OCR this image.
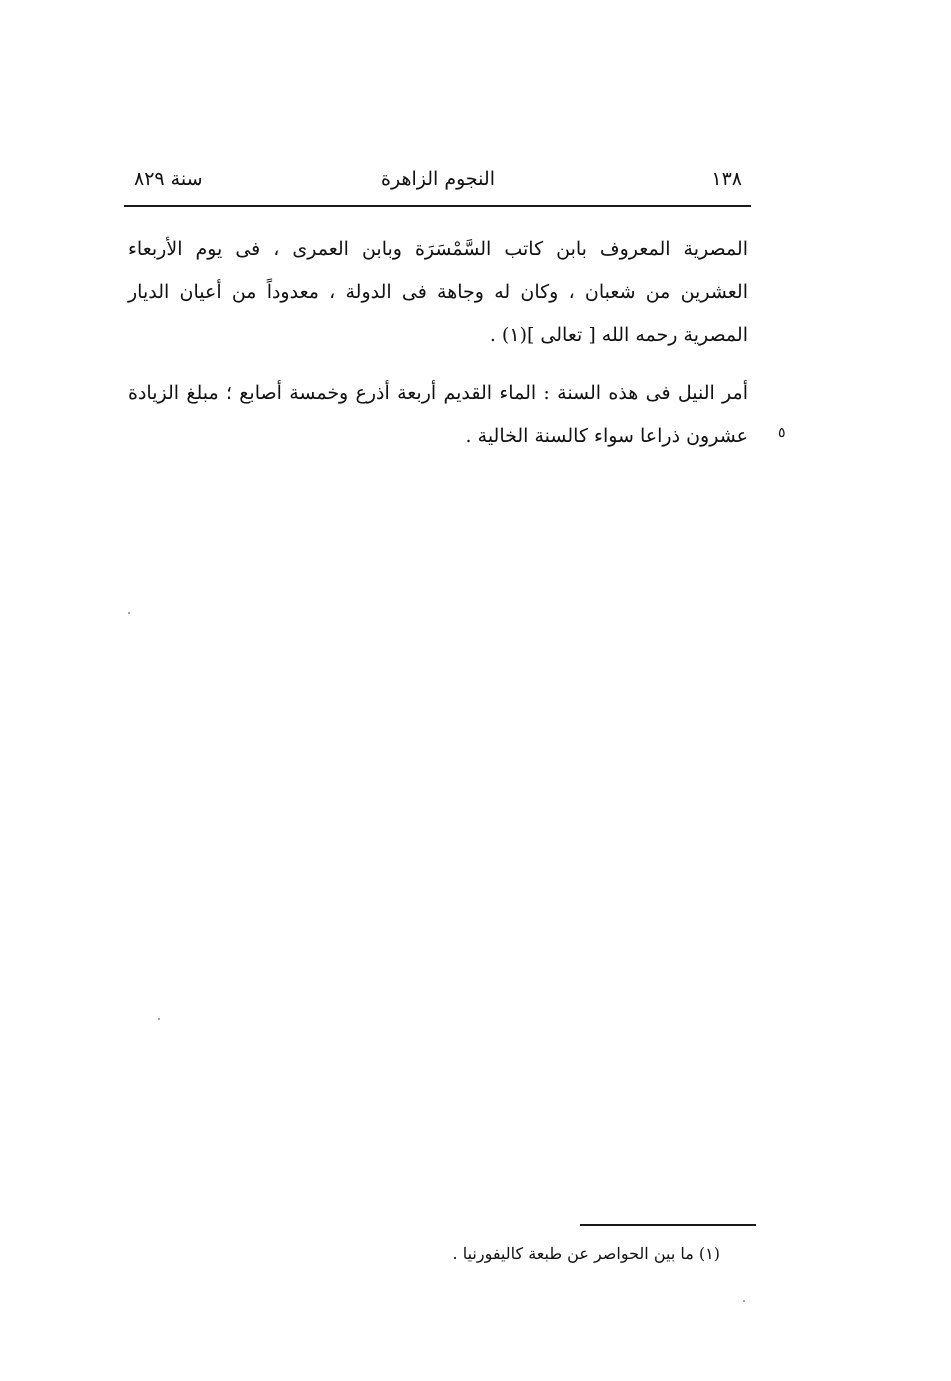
سنة ٨٢٩	النجوم الزاهرة	١٣٨
المصرية المعروف بابن كاتب السَّمْسَرَة وبابن العمرى ، فى يوم الأربعاء العشرين من شعبان ، وكان له وجاهة فى الدولة ، معدوداً من أعيان الديار المصرية رحمه الله [ تعالى ](١) .
أمر النيل فى هذه السنة : الماء القديم أربعة أذرع وخمسة أصابع ؛ مبلغ الزيادة عشرون ذراعا سواء كالسنة الخالية . ٥
(١) ما بين الحواصر عن طبعة كاليفورنيا .
